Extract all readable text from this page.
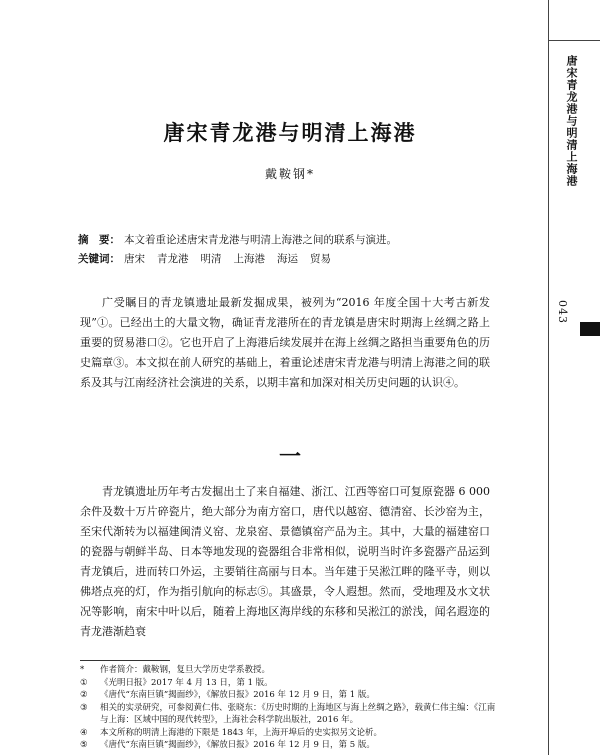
唐宋青龙港与明清上海港
043
唐宋青龙港与明清上海港
戴鞍钢*
摘　要： 本文着重论述唐宋青龙港与明清上海港之间的联系与演进。
关键词： 唐宋 青龙港 明清 上海港 海运 贸易

广受瞩目的青龙镇遗址最新发掘成果，被列为“2016 年度全国十大考古新发现”①。已经出土的大量文物，确证青龙港所在的青龙镇是唐宋时期海上丝绸之路上重要的贸易港口②。它也开启了上海港后续发展并在海上丝绸之路担当重要角色的历史篇章③。本文拟在前人研究的基础上，着重论述唐宋青龙港与明清上海港之间的联系及其与江南经济社会演进的关系，以期丰富和加深对相关历史问题的认识④。

一

青龙镇遗址历年考古发掘出土了来自福建、浙江、江西等窑口可复原瓷器 6 000 余件及数十万片碎瓷片，绝大部分为南方窑口，唐代以越窑、德清窑、长沙窑为主，至宋代渐转为以福建闽清义窑、龙泉窑、景德镇窑产品为主。其中，大量的福建窑口的瓷器与朝鲜半岛、日本等地发现的瓷器组合非常相似，说明当时许多瓷器产品运到青龙镇后，进而转口外运，主要销往高丽与日本。当年建于吴淞江畔的隆平寺，则以佛塔点亮的灯，作为指引航向的标志⑤。其盛景，令人遐想。然而，受地理及水文状况等影响，南宋中叶以后，随着上海地区海岸线的东移和吴淞江的淤浅，闻名遐迩的青龙港渐趋衰

*	作者简介：戴鞍钢，复旦大学历史学系教授。
①	《光明日报》2017 年 4 月 13 日，第 1 版。
②	《唐代“东南巨镇”揭面纱》，《解放日报》2016 年 12 月 9 日，第 1 版。
③	相关的实录研究，可参阅黄仁伟、张晓东：《历史时期的上海地区与海上丝绸之路》，载黄仁伟主编：《江南与上海：区域中国的现代转型》，上海社会科学院出版社，2016 年。
④	本文所称的明清上海港的下限是 1843 年，上海开埠后的史实拟另文论析。
⑤	《唐代“东南巨镇”揭面纱》，《解放日报》2016 年 12 月 9 日，第 5 版。
